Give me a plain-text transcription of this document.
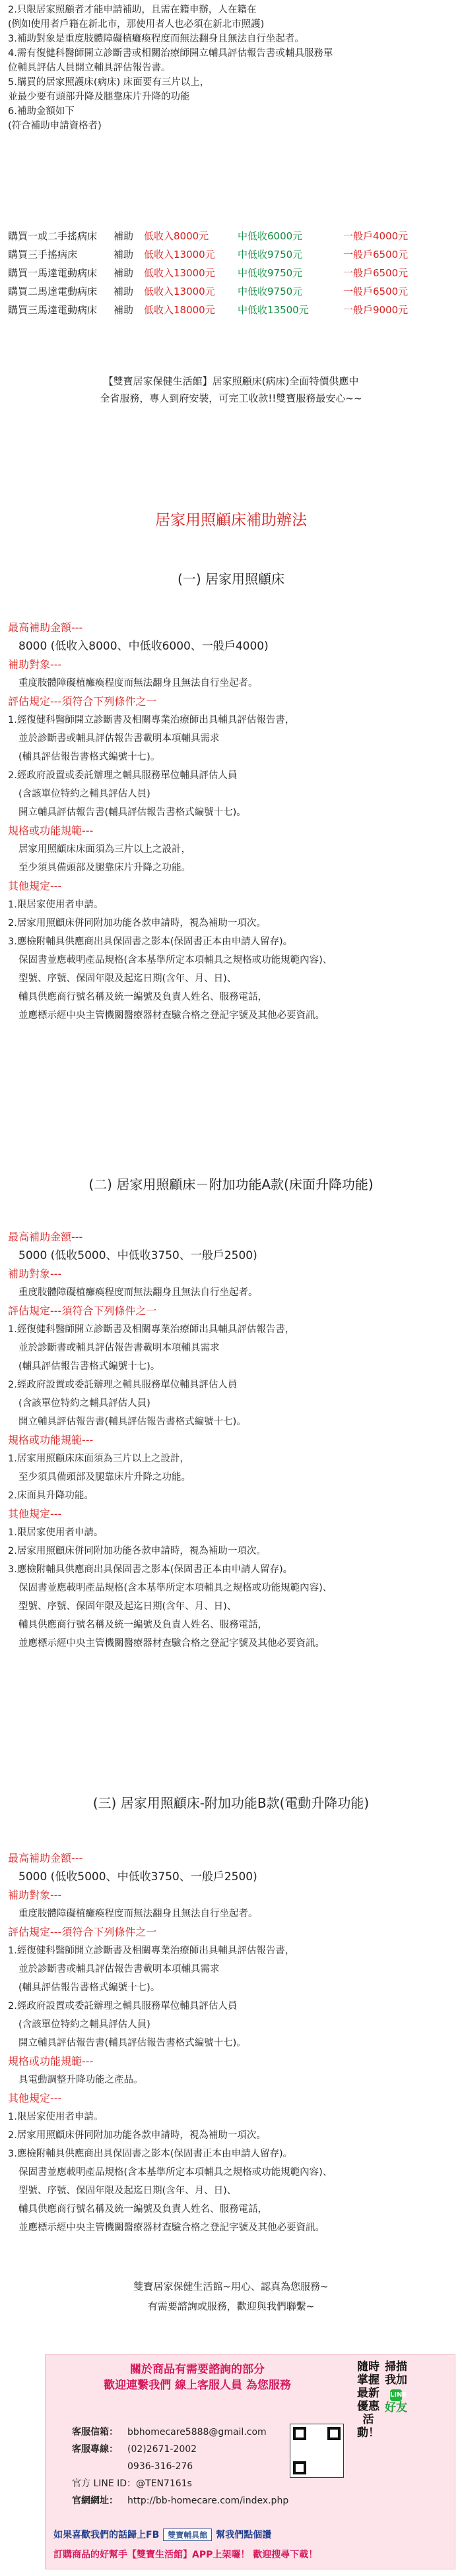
2.只限居家照顧者才能申請補助，且需在籍申辦，人在籍在
(例如使用者戶籍在新北市，那使用者人也必須在新北市照護)
3.補助對象是重度肢體障礙植癱瘓程度而無法翻身且無法自行坐起者。
4.需有復健科醫師開立診斷書或相關治療師開立輔具評估報告書或輔具服務單
位輔具評估人員開立輔具評估報告書。
5.購買的居家照護床(病床) 床面要有三片以上，
並最少要有頭部升降及腿靠床片升降的功能
6.補助金額如下
(符合補助申請資格者)
購買一或二手搖病床 補助 低收入8000元	中低收6000元	一般戶4000元
購買三手搖病床	補助 低收入13000元 中低收9750元	一般戶6500元
購買一馬達電動病床 補助 低收入13000元 中低收9750元	一般戶6500元
購買二馬達電動病床 補助 低收入13000元 中低收9750元	一般戶6500元
購買三馬達電動病床 補助 低收入18000元 中低收13500元	一般戶9000元
【雙寶居家保健生活館】居家照顧床(病床)全面特價供應中
全省服務，專人到府安裝，可完工收款!!雙寶服務最安心~~
居家用照顧床補助辦法
(一) 居家用照顧床
最高補助金額---
8000 (低收入8000、中低收6000、一般戶4000)
補助對象---
重度肢體障礙植癱瘓程度而無法翻身且無法自行坐起者。
評估規定---須符合下列條件之一
1.經復健科醫師開立診斷書及相關專業治療師出具輔具評估報告書，
並於診斷書或輔具評估報告書載明本項輔具需求
(輔具評估報告書格式編號十七)。
2.經政府設置或委託辦理之輔具服務單位輔具評估人員
(含該單位特約之輔具評估人員)
開立輔具評估報告書(輔具評估報告書格式編號十七)。
規格或功能規範---
居家用照顧床床面須為三片以上之設計，
至少須具備頭部及腿靠床片升降之功能。
其他規定---
1.限居家使用者申請。
2.居家用照顧床併同附加功能各款申請時，視為補助一項次。
3.應檢附輔具供應商出具保固書之影本(保固書正本由申請人留存)。
保固書並應載明產品規格(含本基準所定本項輔具之規格或功能規範內容)、
型號、序號、保固年限及起迄日期(含年、月、日)、
輔具供應商行號名稱及統一編號及負責人姓名、服務電話，
並應標示經中央主管機關醫療器材查驗合格之登記字號及其他必要資訊。
(二) 居家用照顧床－附加功能A款(床面升降功能)
最高補助金額---
5000 (低收5000、中低收3750、一般戶2500)
補助對象---
重度肢體障礙植癱瘓程度而無法翻身且無法自行坐起者。
評估規定---須符合下列條件之一
1.經復健科醫師開立診斷書及相關專業治療師出具輔具評估報告書，
並於診斷書或輔具評估報告書載明本項輔具需求
(輔具評估報告書格式編號十七)。
2.經政府設置或委託辦理之輔具服務單位輔具評估人員
(含該單位特約之輔具評估人員)
開立輔具評估報告書(輔具評估報告書格式編號十七)。
規格或功能規範---
1.居家用照顧床床面須為三片以上之設計，
至少須具備頭部及腿靠床片升降之功能。
2.床面具升降功能。
其他規定---
1.限居家使用者申請。
2.居家用照顧床併同附加功能各款申請時，視為補助一項次。
3.應檢附輔具供應商出具保固書之影本(保固書正本由申請人留存)。
保固書並應載明產品規格(含本基準所定本項輔具之規格或功能規範內容)、
型號、序號、保固年限及起迄日期(含年、月、日)、
輔具供應商行號名稱及統一編號及負責人姓名、服務電話，
並應標示經中央主管機關醫療器材查驗合格之登記字號及其他必要資訊。
(三) 居家用照顧床-附加功能B款(電動升降功能)
最高補助金額---
5000 (低收5000、中低收3750、一般戶2500)
補助對象---
重度肢體障礙植癱瘓程度而無法翻身且無法自行坐起者。
評估規定---須符合下列條件之一
1.經復健科醫師開立診斷書及相關專業治療師出具輔具評估報告書，
並於診斷書或輔具評估報告書載明本項輔具需求
(輔具評估報告書格式編號十七)。
2.經政府設置或委託辦理之輔具服務單位輔具評估人員
(含該單位特約之輔具評估人員)
開立輔具評估報告書(輔具評估報告書格式編號十七)。
規格或功能規範---
具電動調整升降功能之產品。
其他規定---
1.限居家使用者申請。
2.居家用照顧床併同附加功能各款申請時，視為補助一項次。
3.應檢附輔具供應商出具保固書之影本(保固書正本由申請人留存)。
保固書並應載明產品規格(含本基準所定本項輔具之規格或功能規範內容)、
型號、序號、保固年限及起迄日期(含年、月、日)、
輔具供應商行號名稱及統一編號及負責人姓名、服務電話，
並應標示經中央主管機關醫療器材查驗合格之登記字號及其他必要資訊。
雙寶居家保健生活館~用心、認真為您服務~
有需要諮詢或服務，歡迎與我們聯繫~
關於商品有需要諮詢的部分
歡迎連繫我們 線上客服人員 為您服務
隨時掌握最新優惠活動！
掃描我加
LINE
好友
客服信箱： bbhomecare5888@gmail.com
客服專線： (02)2671-2002
0936-316-276
官方 LINE ID：@TEN7161s
官網網址： http://bb-homecare.com/index.php
如果喜歡我們的話歸上FB 雙寶輔具館 幫我們點個讚
訂購商品的好幫手【雙寶生活館】APP上架囉！ 歡迎搜尋下載！
